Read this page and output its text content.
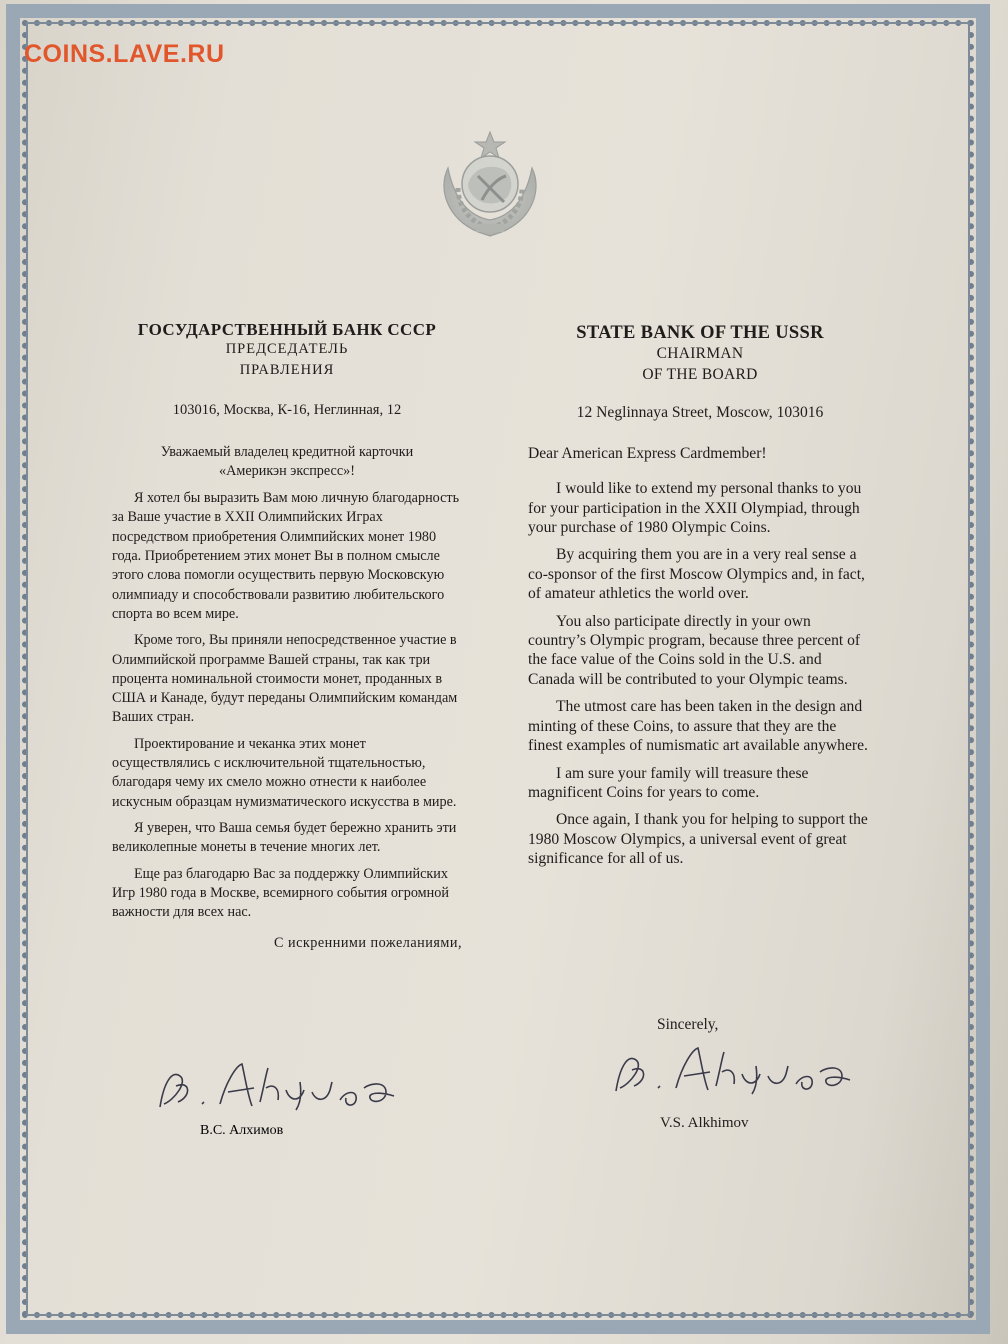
COINS.LAVE.RU
ГОСУДАРСТВЕННЫЙ БАНК СССР
ПРЕДСЕДАТЕЛЬ
ПРАВЛЕНИЯ
103016, Москва, К-16, Неглинная, 12
Уважаемый владелец кредитной карточки
«Америкэн экспресс»!

Я хотел бы выразить Вам мою личную благодарность за Ваше участие в XXII Олимпийских Играх посредством приобретения Олимпийских монет 1980 года. Приобретением этих монет Вы в полном смысле этого слова помогли осуществить первую Московскую олимпиаду и способствовали развитию любительского спорта во всем мире.

Кроме того, Вы приняли непосредственное участие в Олимпийской программе Вашей страны, так как три процента номинальной стоимости монет, проданных в США и Канаде, будут переданы Олимпийским командам Ваших стран.

Проектирование и чеканка этих монет осуществлялись с исключительной тщательностью, благодаря чему их смело можно отнести к наиболее искусным образцам нумизматического искусства в мире.

Я уверен, что Ваша семья будет бережно хранить эти великолепные монеты в течение многих лет.

Еще раз благодарю Вас за поддержку Олимпийских Игр 1980 года в Москве, всемирного события огромной важности для всех нас.

С искренними пожеланиями,
В.С. Алхимов
STATE BANK OF THE USSR
CHAIRMAN
OF THE BOARD
12 Neglinnaya Street, Moscow, 103016
Dear American Express Cardmember!

I would like to extend my personal thanks to you for your participation in the XXII Olympiad, through your purchase of 1980 Olympic Coins.

By acquiring them you are in a very real sense a co-sponsor of the first Moscow Olympics and, in fact, of amateur athletics the world over.

You also participate directly in your own country’s Olympic program, because three percent of the face value of the Coins sold in the U.S. and Canada will be contributed to your Olympic teams.

The utmost care has been taken in the design and minting of these Coins, to assure that they are the finest examples of numismatic art available anywhere.

I am sure your family will treasure these magnificent Coins for years to come.

Once again, I thank you for helping to support the 1980 Moscow Olympics, a universal event of great significance for all of us.

Sincerely,
V.S. Alkhimov
